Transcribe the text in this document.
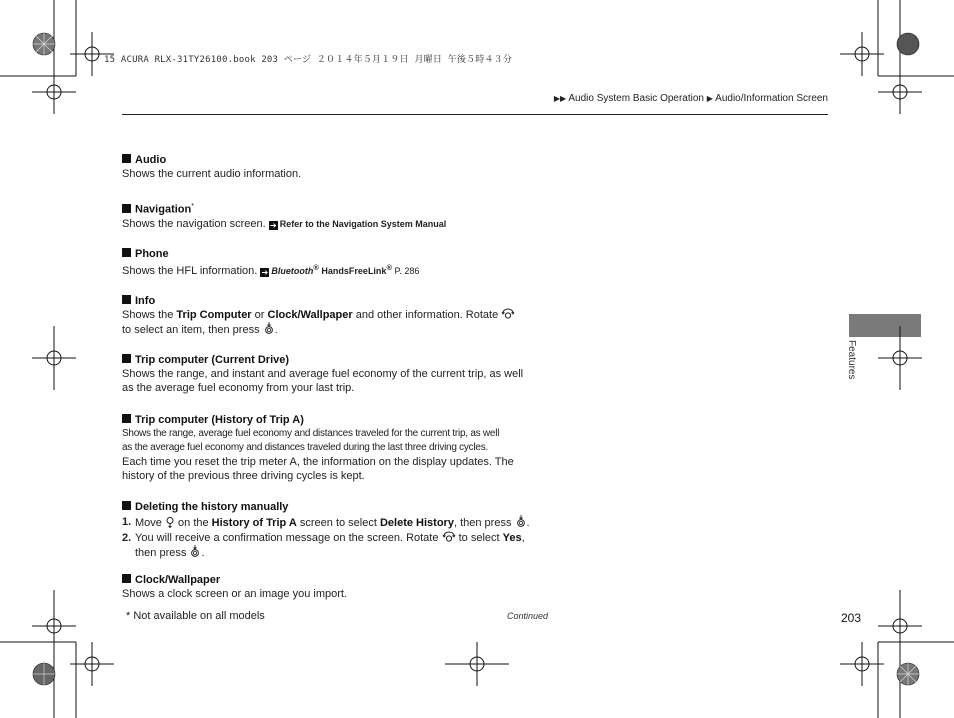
15 ACURA RLX-31TY26100.book 203 ページ ２０１４年５月１９日 月曜日 午後５時４３分
▶▶ Audio System Basic Operation ▶ Audio/Information Screen

Audio

Shows the current audio information.

Navigation*

Shows the navigation screen. ➔ Refer to the Navigation System Manual

Phone

Shows the HFL information. ➔ Bluetooth® HandsFreeLink® P. 286

Info

Shows the Trip Computer or Clock/Wallpaper and other information. Rotate
to select an item, then press .

Trip computer (Current Drive)

Shows the range, and instant and average fuel economy of the current trip, as well
as the average fuel economy from your last trip.

Trip computer (History of Trip A)

Shows the range, average fuel economy and distances traveled for the current trip, as well
as the average fuel economy and distances traveled during the last three driving cycles.
Each time you reset the trip meter A, the information on the display updates. The
history of the previous three driving cycles is kept.

Deleting the history manually

1. Move  on the History of Trip A screen to select Delete History, then press .
2. You will receive a confirmation message on the screen. Rotate  to select Yes,
then press .

Clock/Wallpaper

Shows a clock screen or an image you import.
* Not available on all models	Continued	203
Features
